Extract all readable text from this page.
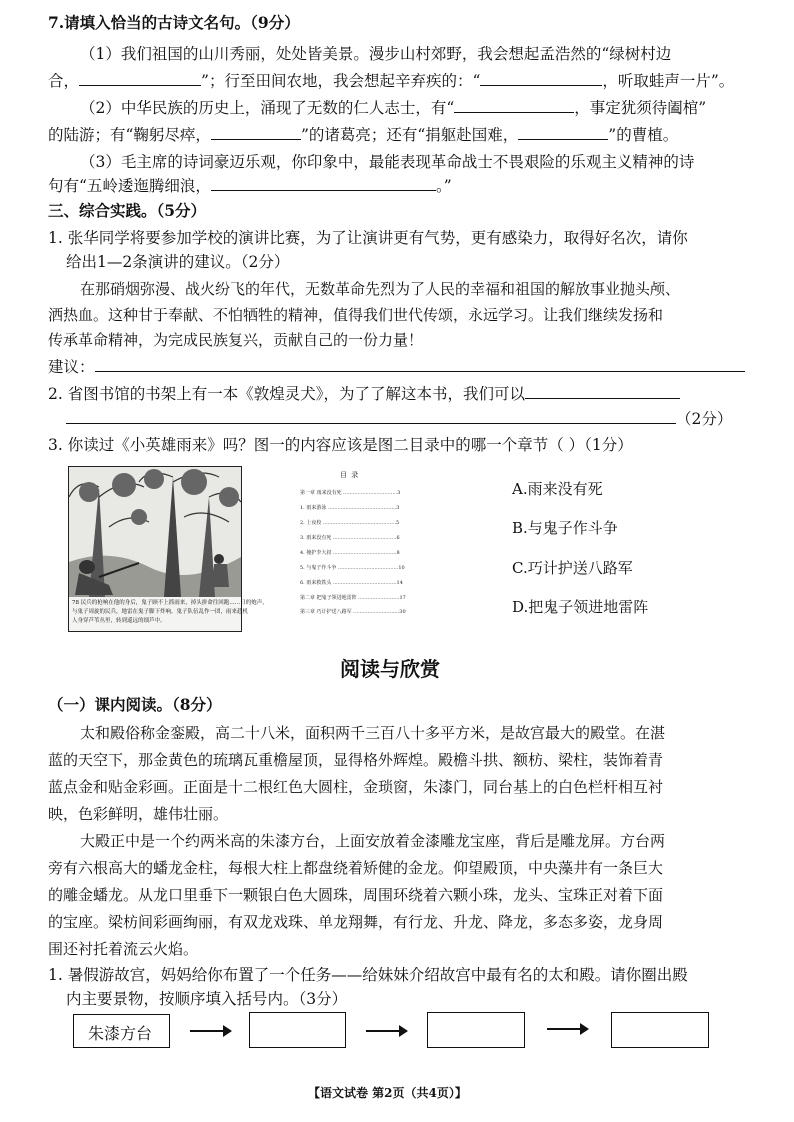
7.请填入恰当的古诗文名句。（9分）
（1）我们祖国的山川秀丽，处处皆美景。漫步山村郊野，我会想起孟浩然的“绿树村边
合，	”；行至田间农地，我会想起辛弃疾的：“	，听取蛙声一片”。
（2）中华民族的历史上，涌现了无数的仁人志士，有“	，事定犹须待阖棺”
的陆游；有“鞠躬尽瘁，	”的诸葛亮；还有“捐躯赴国难，	”的曹植。
（3）毛主席的诗词豪迈乐观，你印象中，最能表现革命战士不畏艰险的乐观主义精神的诗
句有“五岭逶迤腾细浪，	。”
三、综合实践。（5分）
1. 张华同学将要参加学校的演讲比赛，为了让演讲更有气势，更有感染力，取得好名次，请你
给出1—2条演讲的建议。（2分）
在那硝烟弥漫、战火纷飞的年代，无数革命先烈为了人民的幸福和祖国的解放事业抛头颅、
洒热血。这种甘于奉献、不怕牺牲的精神，值得我们世代传颂，永远学习。让我们继续发扬和
传承革命精神，为完成民族复兴，贡献自己的一份力量！
建议：
2. 省图书馆的书架上有一本《敦煌灵犬》，为了了解这本书，我们可以
（2分）
3. 你读过《小英雄雨来》吗？图一的内容应该是图二目录中的哪一个章节（ ）（1分）
78 民兵的枪响在他的身后，鬼子顾不上抓雨来，掉头拼命往回跑……日的炮声，
与鬼子周旋的民兵，地雷在鬼子脚下炸响，鬼子队伍乱作一团，雨来趁机
人身穿芦苇丛里，转到遥远的细芦中。
目 录
第一章 雨来没有死 ..................................3
1. 雨来游泳 ...........................................3
2. 上夜校 ..............................................5
3. 雨来没有死 ........................................6
4. 掩护李大叔 ........................................8
5. 与鬼子作斗争 ......................................10
6. 雨来救铁头 ........................................14
第二章 把鬼子领进地雷阵 ..........................17
第三章 巧计护送八路军 .............................30
A.雨来没有死
B.与鬼子作斗争
C.巧计护送八路军
D.把鬼子领进地雷阵
阅读与欣赏
（一）课内阅读。（8分）
太和殿俗称金銮殿，高二十八米，面积两千三百八十多平方米，是故宫最大的殿堂。在湛
蓝的天空下，那金黄色的琉璃瓦重檐屋顶，显得格外辉煌。殿檐斗拱、额枋、梁柱，装饰着青
蓝点金和贴金彩画。正面是十二根红色大圆柱，金琐窗，朱漆门，同台基上的白色栏杆相互衬
映，色彩鲜明，雄伟壮丽。
大殿正中是一个约两米高的朱漆方台，上面安放着金漆雕龙宝座，背后是雕龙屏。方台两
旁有六根高大的蟠龙金柱，每根大柱上都盘绕着矫健的金龙。仰望殿顶，中央藻井有一条巨大
的雕金蟠龙。从龙口里垂下一颗银白色大圆珠，周围环绕着六颗小珠，龙头、宝珠正对着下面
的宝座。梁枋间彩画绚丽，有双龙戏珠、单龙翔舞，有行龙、升龙、降龙，多态多姿，龙身周
围还衬托着流云火焰。
1. 暑假游故宫，妈妈给你布置了一个任务——给妹妹介绍故宫中最有名的太和殿。请你圈出殿
内主要景物，按顺序填入括号内。（3分）
朱漆方台
【语文试卷 第2页（共4页）】
